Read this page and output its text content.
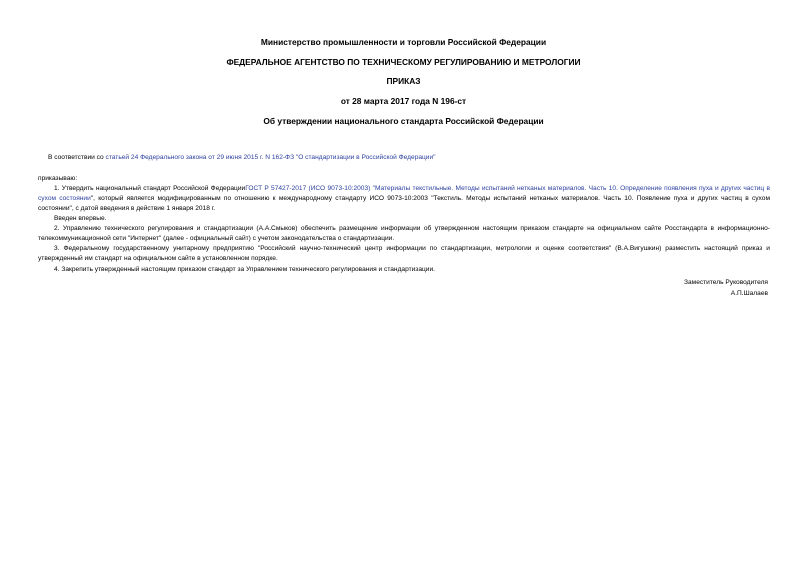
Министерство промышленности и торговли Российской Федерации
ФЕДЕРАЛЬНОЕ АГЕНТСТВО ПО ТЕХНИЧЕСКОМУ РЕГУЛИРОВАНИЮ И МЕТРОЛОГИИ
ПРИКАЗ
от 28 марта 2017 года N 196-ст
Об утверждении национального стандарта Российской Федерации

В соответствии со статьей 24 Федерального закона от 29 июня 2015 г. N 162-ФЗ "О стандартизации в Российской Федерации"

приказываю:

1. Утвердить национальный стандарт Российской ФедерацииГОСТ Р 57427-2017 (ИСО 9073-10:2003) "Материалы текстильные. Методы испытаний нетканых материалов. Часть 10. Определение появления пуха и других частиц в сухом состоянии", который является модифицированным по отношению к международному стандарту ИСО 9073-10:2003 "Текстиль. Методы испытаний нетканых материалов. Часть 10. Появление пуха и других частиц в сухом состоянии", с датой введения в действие 1 января 2018 г.

Введен впервые.

2. Управлению технического регулирования и стандартизации (А.А.Смыков) обеспечить размещение информации об утвержденном настоящим приказом стандарте на официальном сайте Росстандарта в информационно-телекоммуникационной сети "Интернет" (далее - официальный сайт) с учетом законодательства о стандартизации.

3. Федеральному государственному унитарному предприятию "Российский научно-технический центр информации по стандартизации, метрологии и оценке соответствия" (В.А.Вигушкин) разместить настоящий приказ и утвержденный им стандарт на официальном сайте в установленном порядке.

4. Закрепить утвержденный настоящим приказом стандарт за Управлением технического регулирования и стандартизации.

Заместитель Руководителя

А.П.Шалаев
